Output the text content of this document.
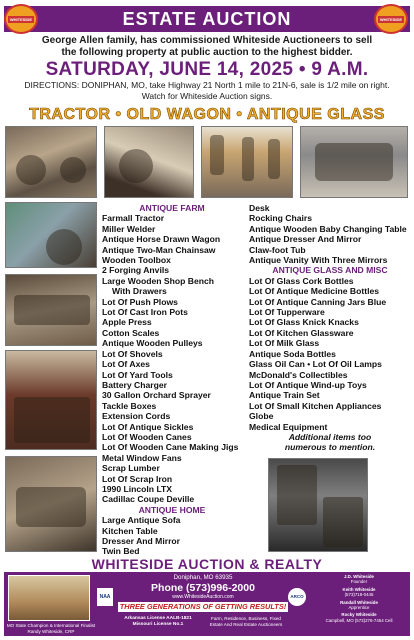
ESTATE AUCTION
WHITESIDE	WHITESIDE
George Allen family, has commissioned Whiteside Auctioneers to sell the following property at public auction to the highest bidder.
SATURDAY, JUNE 14, 2025 • 9 A.M.
DIRECTIONS: DONIPHAN, MO, take Highway 21 North 1 mile to 21N-6, sale is 1/2 mile on right. Watch for Whiteside Auction signs.
TRACTOR • OLD WAGON • ANTIQUE GLASS
ANTIQUE FARM
Farmall Tractor
Miller Welder
Antique Horse Drawn Wagon
Antique Two-Man Chainsaw
Wooden Toolbox
2 Forging Anvils
Large Wooden Shop Bench
With Drawers
Lot Of Push Plows
Lot Of Cast Iron Pots
Apple Press
Cotton Scales
Antique Wooden Pulleys
Lot Of Shovels
Lot Of Axes
Lot Of Yard Tools
Battery Charger
30 Gallon Orchard Sprayer
Tackle Boxes
Extension Cords
Lot Of Antique Sickles
Lot Of Wooden Canes
Lot Of Wooden Cane Making Jigs
Metal Window Fans
Scrap Lumber
Lot Of Scrap Iron
1990 Lincoln LTX
Cadillac Coupe Deville
ANTIQUE HOME
Large Antique Sofa
Kitchen Table
Dresser And Mirror
Twin Bed
Desk
Rocking Chairs
Antique Wooden Baby Changing Table
Antique Dresser And Mirror
Claw-foot Tub
Antique Vanity With Three Mirrors
ANTIQUE GLASS AND MISC
Lot Of Glass Cork Bottles
Lot Of Antique Medicine Bottles
Lot Of Antique Canning Jars Blue
Lot Of Tupperware
Lot Of Glass Knick Knacks
Lot Of Kitchen Glassware
Lot Of Milk Glass
Antique Soda Bottles
Glass Oil Can • Lot Of Oil Lamps
McDonald's Collectibles
Lot Of Antique Wind-up Toys
Antique Train Set
Lot Of Small Kitchen Appliances
Globe
Medical Equipment
Additional items too numerous to mention.
WHITESIDE AUCTION & REALTY
MO State Champion & International Finalist Randy Whiteside, CRP
NAA
Doniphan, MO 63935
Phone (573)996-2000
www.WhitesideAuction.com
THREE GENERATIONS OF GETTING RESULTS!
Arkansas License AALB-1821 Missouri License No.1
Farm, Residence, Business, Fixed Estate And Real Estate Auctioneers
ARCO
J.D. Whiteside
Founder
Keith Whiteside
(573)718-0445
Randall Whiteside
Apprentice
Rocky Whiteside
Campbell, MO (573)276-7454 Cell
